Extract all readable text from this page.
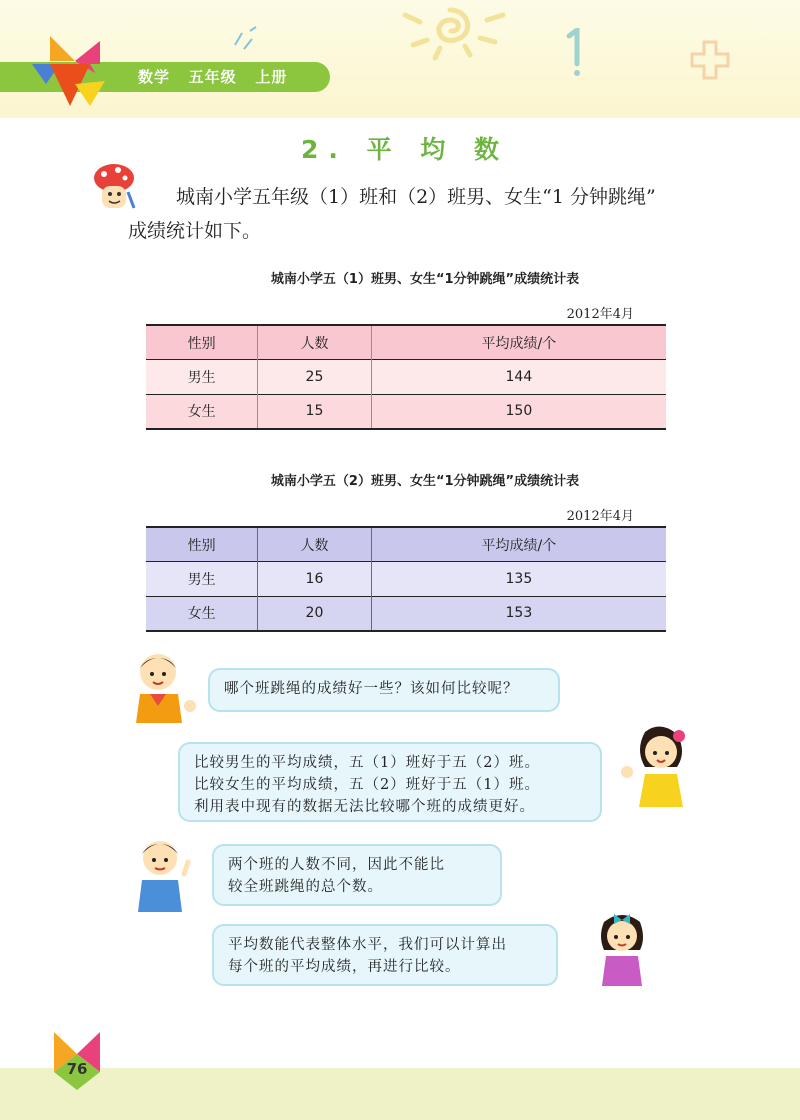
数学   五年级   上册
2. 平 均 数
城南小学五年级（1）班和（2）班男、女生“1 分钟跳绳”
成绩统计如下。
城南小学五（1）班男、女生“1分钟跳绳”成绩统计表
2012年4月
性别	人数	平均成绩/个
男生	25	144
女生	15	150
城南小学五（2）班男、女生“1分钟跳绳”成绩统计表
2012年4月
性别	人数	平均成绩/个
男生	16	135
女生	20	153
哪个班跳绳的成绩好一些？该如何比较呢？
比较男生的平均成绩，五（1）班好于五（2）班。
比较女生的平均成绩，五（2）班好于五（1）班。
利用表中现有的数据无法比较哪个班的成绩更好。
两个班的人数不同，因此不能比
较全班跳绳的总个数。
平均数能代表整体水平，我们可以计算出
每个班的平均成绩，再进行比较。
76
